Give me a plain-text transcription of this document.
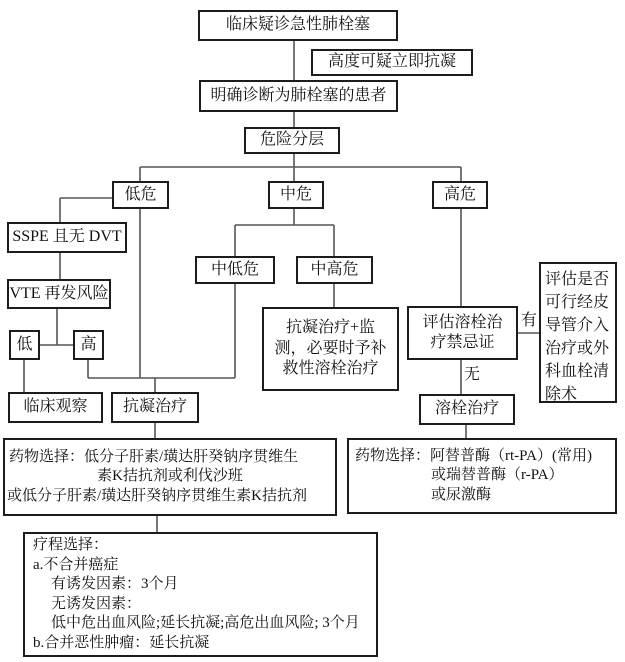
临床疑诊急性肺栓塞
高度可疑立即抗凝
明确诊断为肺栓塞的患者
危险分层
低危	中危	高危
SSPE 且无 DVT
VTE 再发风险
低	高
临床观察	抗凝治疗
中低危	中高危
抗凝治疗+监
测，必要时予补
救性溶栓治疗
评估溶栓治
疗禁忌证
有
评估是否可行经皮导管介入治疗或外科血栓清除术
无
溶栓治疗
药物选择：低分子肝素/璜达肝癸钠序贯维生
素K拮抗剂或利伐沙班
或低分子肝素/璜达肝癸钠序贯维生素K拮抗剂
药物选择：阿替普酶（rt-PA）(常用)
或瑞替普酶（r-PA）
或尿激酶
疗程选择：
a.不合并癌症
有诱发因素：3个月
无诱发因素：
低中危出血风险;延长抗凝;高危出血风险; 3个月
b.合并恶性肿瘤：延长抗凝
